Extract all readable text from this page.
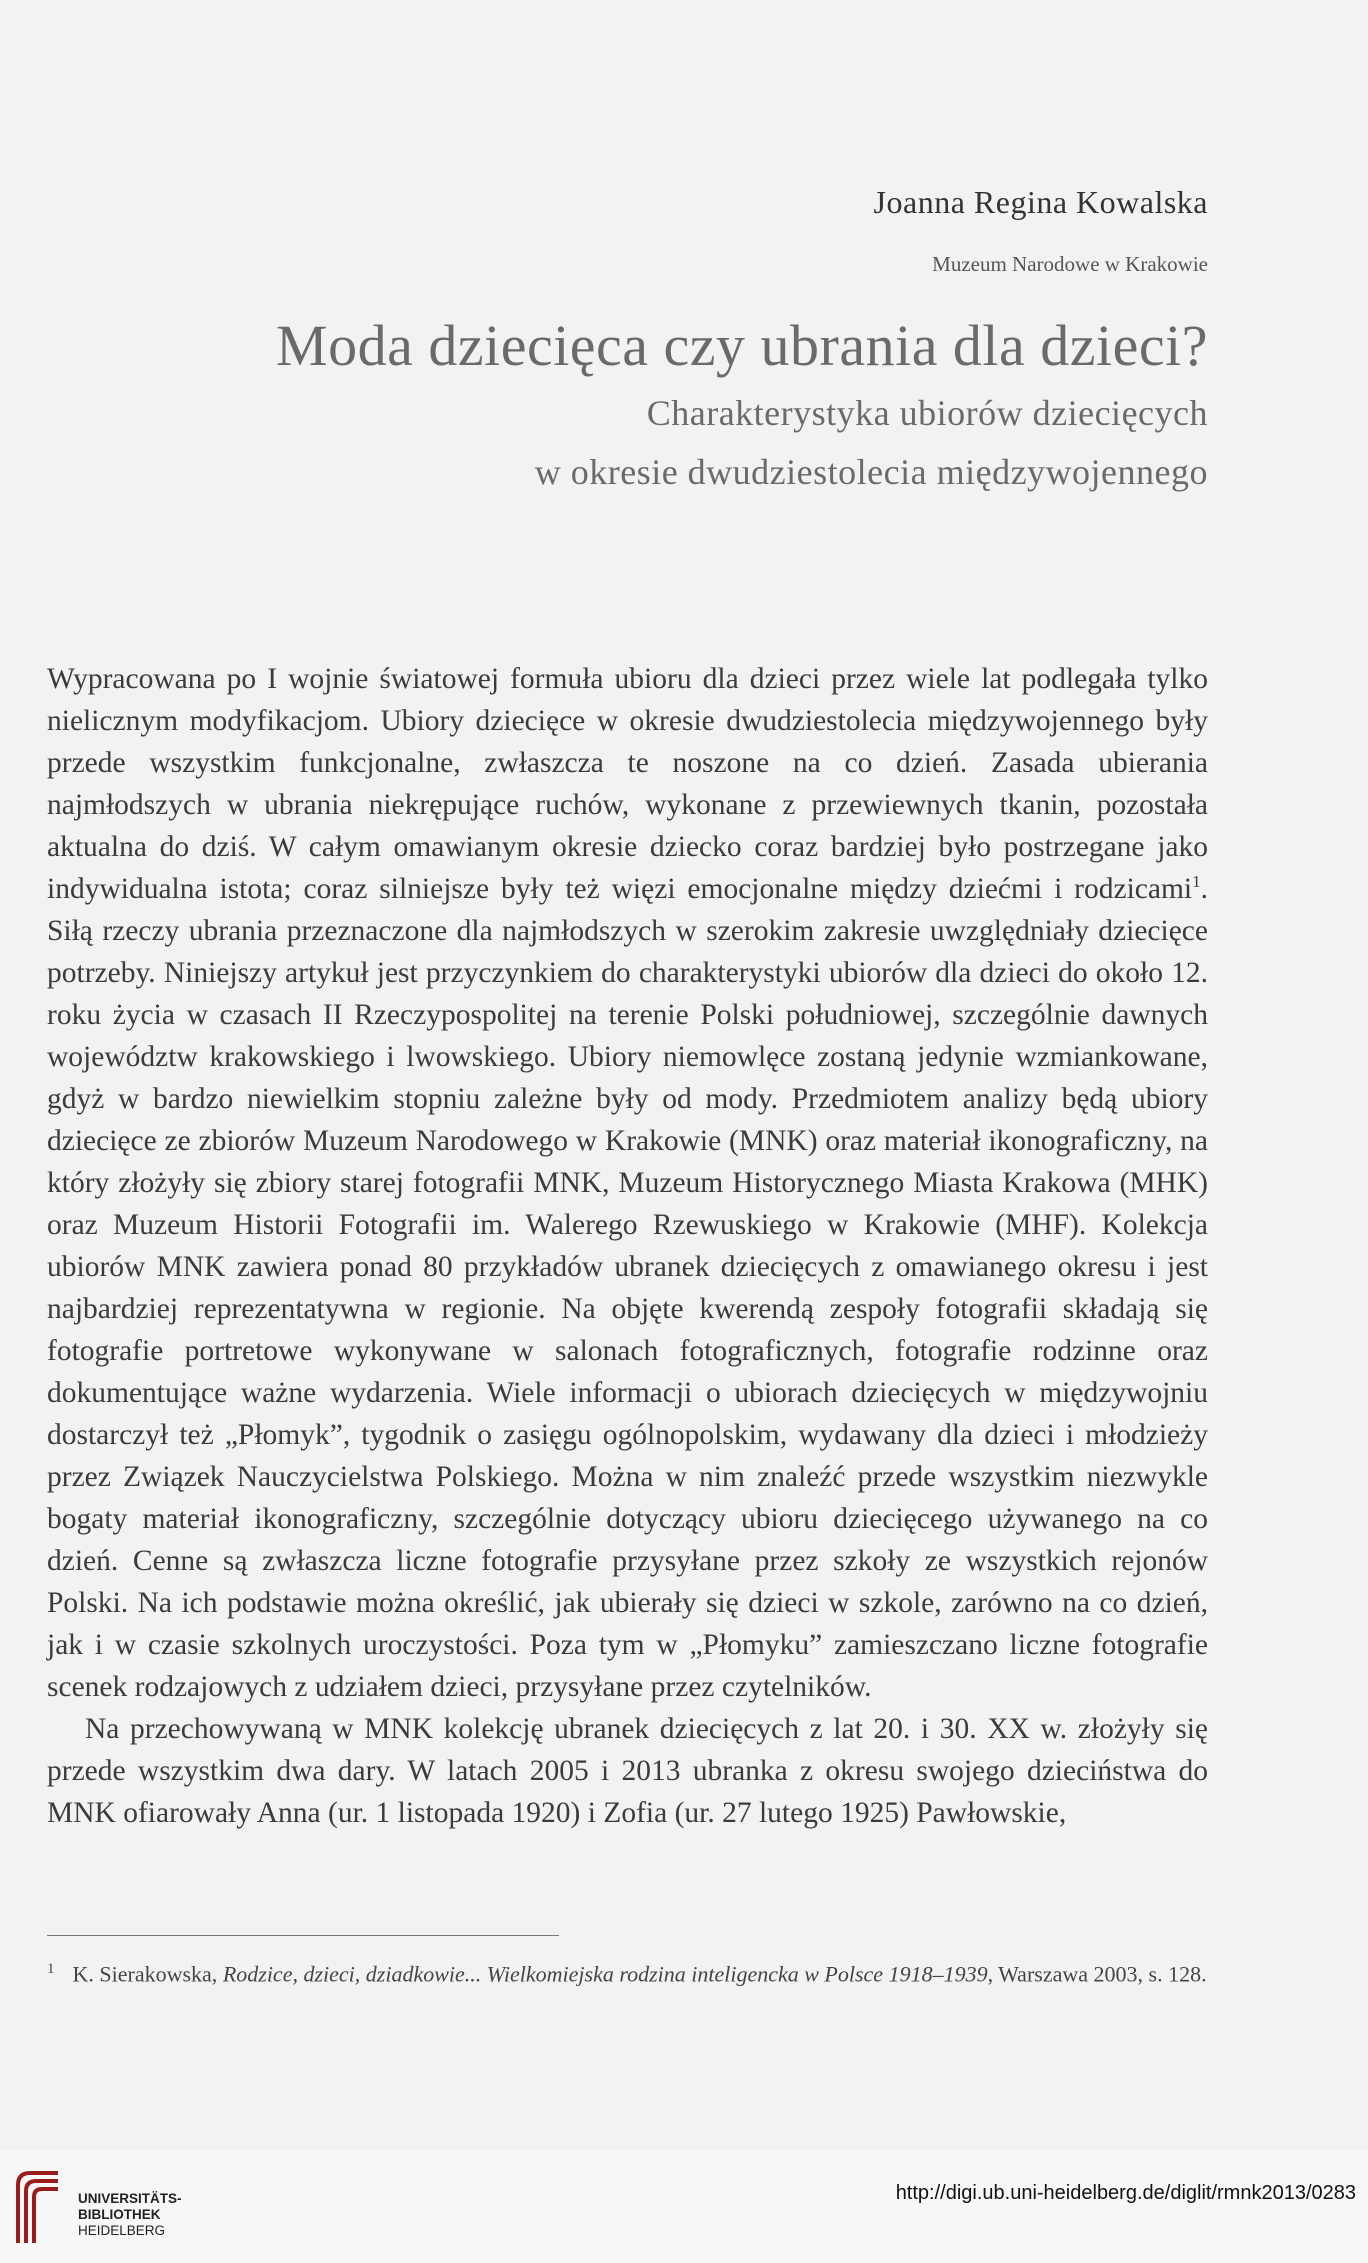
Joanna Regina Kowalska
Muzeum Narodowe w Krakowie
Moda dziecięca czy ubrania dla dzieci?
Charakterystyka ubiorów dziecięcych
w okresie dwudziestolecia międzywojennego

Wypracowana po I wojnie światowej formuła ubioru dla dzieci przez wiele lat podlegała tylko nielicznym modyfikacjom. Ubiory dziecięce w okresie dwudziestolecia międzywojennego były przede wszystkim funkcjonalne, zwłaszcza te noszone na co dzień. Zasada ubierania najmłodszych w ubrania niekrępujące ruchów, wykonane z przewiewnych tkanin, pozostała aktualna do dziś. W całym omawianym okresie dziecko coraz bardziej było postrzegane jako indywidualna istota; coraz silniejsze były też więzi emocjonalne między dziećmi i rodzicami$^1$. Siłą rzeczy ubrania przeznaczone dla najmłodszych w szerokim zakresie uwzględniały dziecięce potrzeby. Niniejszy artykuł jest przyczynkiem do charakterystyki ubiorów dla dzieci do około 12. roku życia w czasach II Rzeczypospolitej na terenie Polski południowej, szczególnie dawnych województw krakowskiego i lwowskiego. Ubiory niemowlęce zostaną jedynie wzmiankowane, gdyż w bardzo niewielkim stopniu zależne były od mody. Przedmiotem analizy będą ubiory dziecięce ze zbiorów Muzeum Narodowego w Krakowie (MNK) oraz materiał ikonograficzny, na który złożyły się zbiory starej fotografii MNK, Muzeum Historycznego Miasta Krakowa (MHK) oraz Muzeum Historii Fotografii im. Walerego Rzewuskiego w Krakowie (MHF). Kolekcja ubiorów MNK zawiera ponad 80 przykładów ubranek dziecięcych z omawianego okresu i jest najbardziej reprezentatywna w regionie. Na objęte kwerendą zespoły fotografii składają się fotografie portretowe wykonywane w salonach fotograficznych, fotografie rodzinne oraz dokumentujące ważne wydarzenia. Wiele informacji o ubiorach dziecięcych w międzywojniu dostarczył też „Płomyk”, tygodnik o zasięgu ogólnopolskim, wydawany dla dzieci i młodzieży przez Związek Nauczycielstwa Polskiego. Można w nim znaleźć przede wszystkim niezwykle bogaty materiał ikonograficzny, szczególnie dotyczący ubioru dziecięcego używanego na co dzień. Cenne są zwłaszcza liczne fotografie przysyłane przez szkoły ze wszystkich rejonów Polski. Na ich podstawie można określić, jak ubierały się dzieci w szkole, zarówno na co dzień, jak i w czasie szkolnych uroczystości. Poza tym w „Płomyku” zamieszczano liczne fotografie scenek rodzajowych z udziałem dzieci, przysyłane przez czytelników.

Na przechowywaną w MNK kolekcję ubranek dziecięcych z lat 20. i 30. XX w. złożyły się przede wszystkim dwa dary. W latach 2005 i 2013 ubranka z okresu swojego dzieciństwa do MNK ofiarowały Anna (ur. 1 listopada 1920) i Zofia (ur. 27 lutego 1925) Pawłowskie,

$^1$ K. Sierakowska, Rodzice, dzieci, dziadkowie... Wielkomiejska rodzina inteligencka w Polsce 1918–1939, Warszawa 2003, s. 128.
UNIVERSITÄTS-
BIBLIOTHEK
HEIDELBERG
http://digi.ub.uni-heidelberg.de/diglit/rmnk2013/0283
